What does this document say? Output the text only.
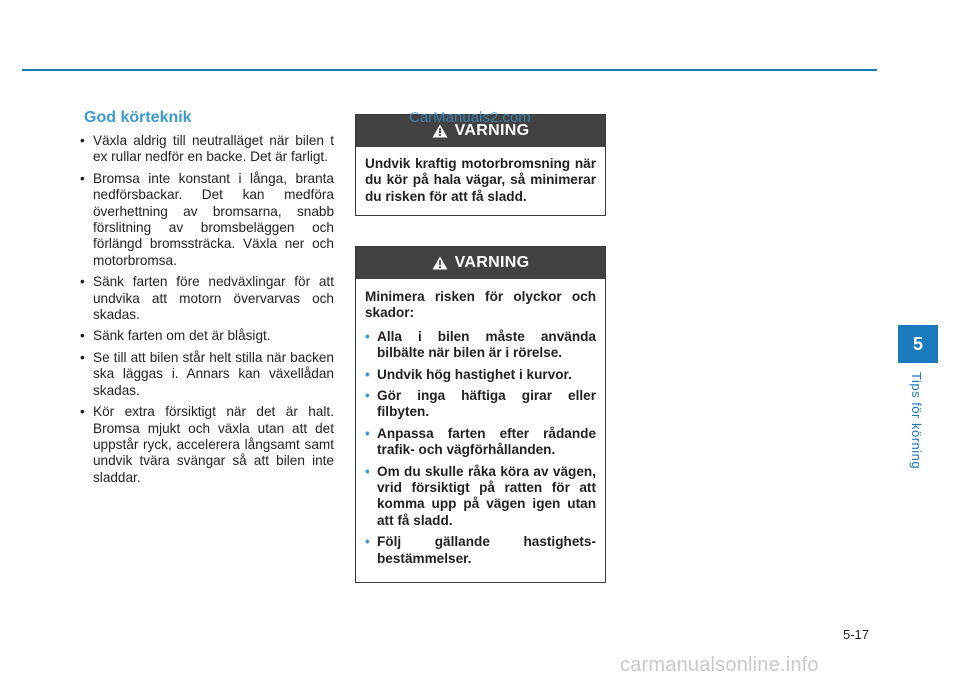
God körteknik
• Växla aldrig till neutralläget när bilen t ex rullar nedför en backe. Det är farligt.
• Bromsa inte konstant i långa, branta nedförsbackar. Det kan medföra överhettning av bromsarna, snabb förslitning av bromsbeläggen och förlängd bromssträcka. Växla ner och motorbromsa.
• Sänk farten före nedväxlingar för att undvika att motorn övervarvas och skadas.
• Sänk farten om det är blåsigt.
• Se till att bilen står helt stilla när backen ska läggas i. Annars kan växellådan skadas.
• Kör extra försiktigt när det är halt. Bromsa mjukt och växla utan att det uppstår ryck, accelerera långsamt samt undvik tvära svängar så att bilen inte sladdar.
VARNING

Undvik kraftig motorbromsning när du kör på hala vägar, så minimerar du risken för att få sladd.

CarManuals2.com
VARNING

Minimera risken för olyckor och skador:

• Alla i bilen måste använda bilbälte när bilen är i rörelse.
• Undvik hög hastighet i kurvor.
• Gör inga häftiga girar eller filbyten.
• Anpassa farten efter rådande trafik- och vägförhållanden.
• Om du skulle råka köra av vägen, vrid försiktigt på ratten för att komma upp på vägen igen utan att få sladd.
• Följ gällande hastighets-bestämmelser.
5
Tips för körning
5-17
carmanualsonline.info
